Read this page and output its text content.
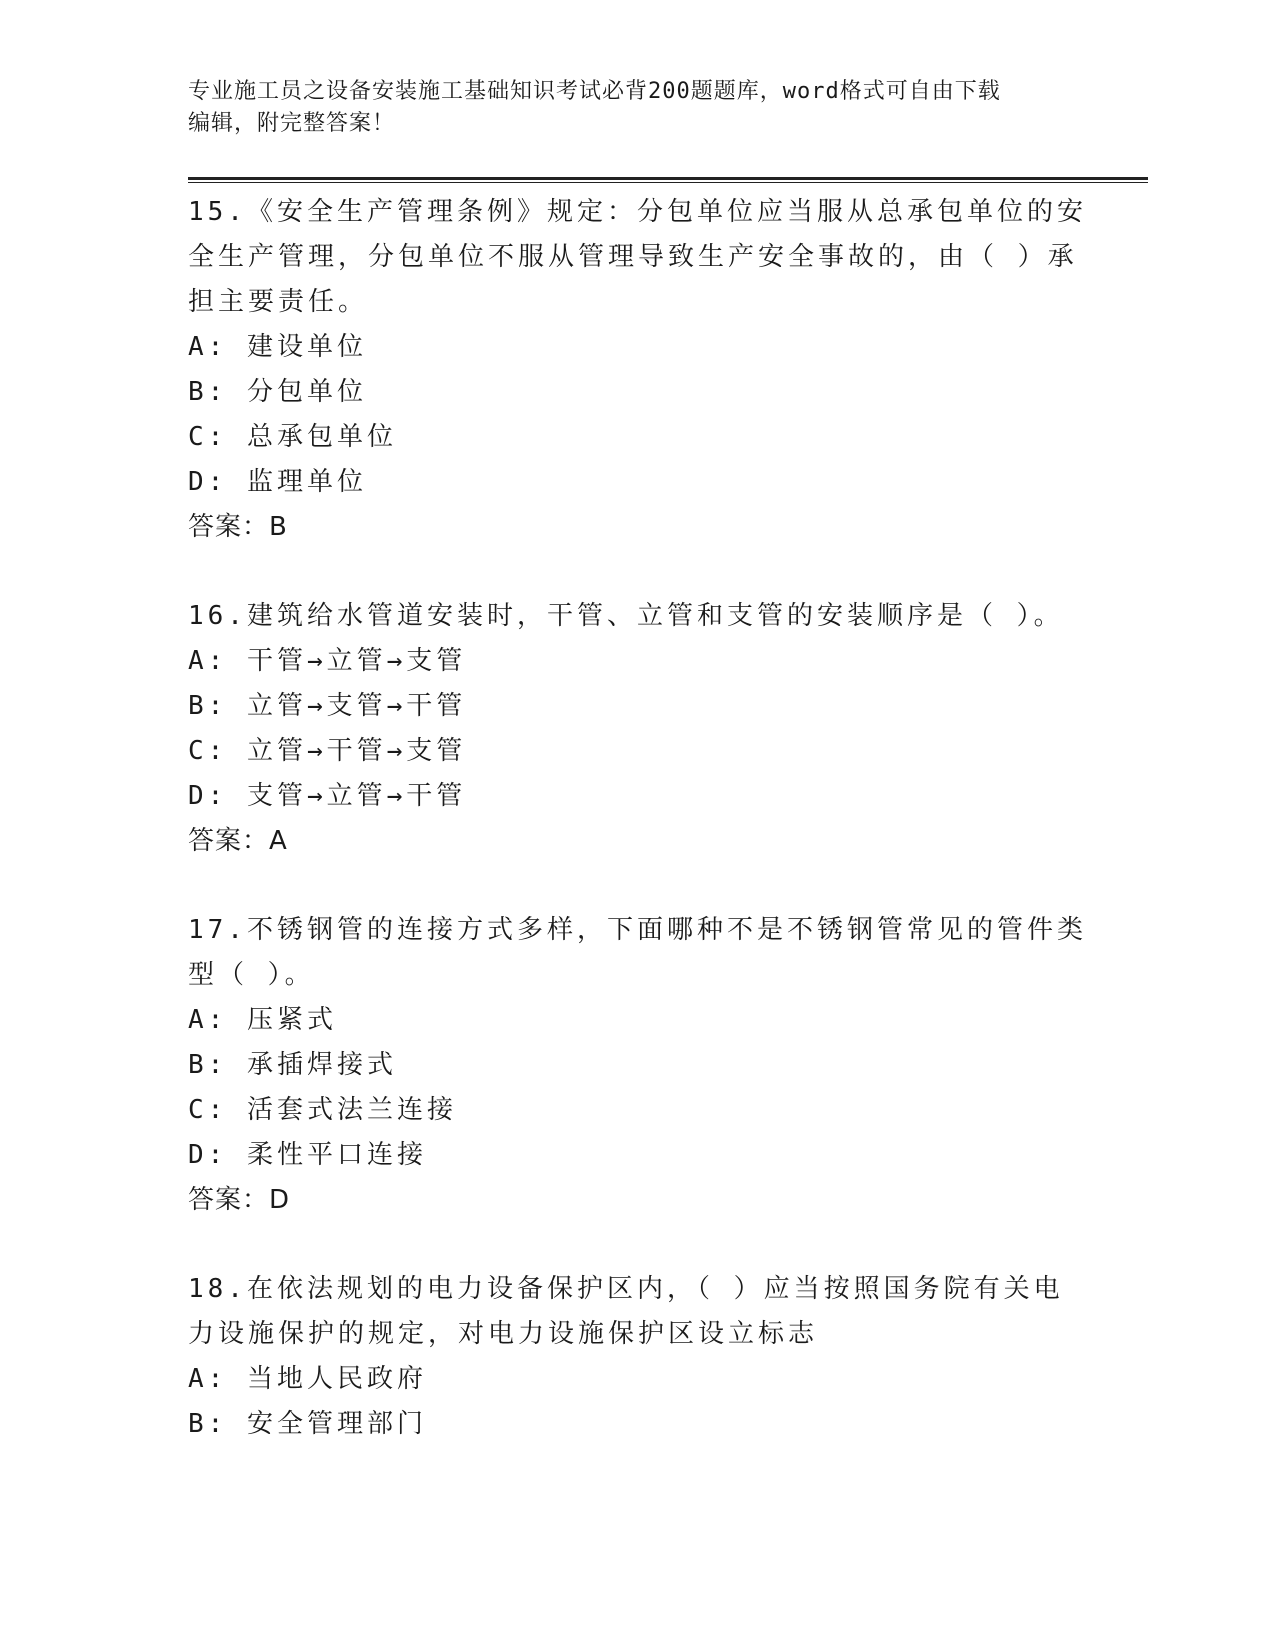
专业施工员之设备安装施工基础知识考试必背200题题库，word格式可自由下载
编辑，附完整答案！
15.《安全生产管理条例》规定：分包单位应当服从总承包单位的安全生产管理，分包单位不服从管理导致生产安全事故的，由（ ）承担主要责任。
A: 建设单位
B: 分包单位
C: 总承包单位
D: 监理单位
答案：B
16.建筑给水管道安装时，干管、立管和支管的安装顺序是（ ）。
A: 干管→立管→支管
B: 立管→支管→干管
C: 立管→干管→支管
D: 支管→立管→干管
答案：A
17.不锈钢管的连接方式多样，下面哪种不是不锈钢管常见的管件类型（ ）。
A: 压紧式
B: 承插焊接式
C: 活套式法兰连接
D: 柔性平口连接
答案：D
18.在依法规划的电力设备保护区内，（ ）应当按照国务院有关电力设施保护的规定，对电力设施保护区设立标志
A: 当地人民政府
B: 安全管理部门
